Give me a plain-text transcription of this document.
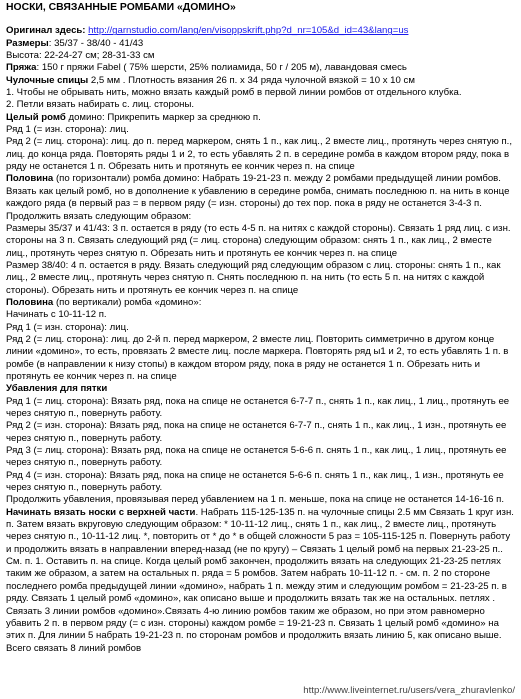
НОСКИ, СВЯЗАННЫЕ РОМБАМИ «ДОМИНО»
Оригинал здесь: http://garnstudio.com/lang/en/visoppskrift.php?d_nr=105&d_id=43&lang=us
Размеры: 35/37 - 38/40 - 41/43
Высота: 22-24-27 см; 28-31-33 см
Пряжа: 150 г пряжи Fabel ( 75% шерсти, 25% полиамида, 50 г / 205 м), лавандовая смесь
Чулочные спицы 2,5 мм . Плотность вязания 26 п. х 34 ряда чулочной вязкой = 10 х 10 см
1. Чтобы не обрывать нить, можно вязать каждый ромб в первой линии ромбов от отдельного клубка.
2. Петли вязать набирать с. лиц. стороны.
Целый ромб домино: Прикрепить маркер за среднюю п.
Ряд 1 (= изн. сторона): лиц.
Ряд 2 (= лиц. сторона): лиц. до п. перед маркером, снять 1 п., как лиц., 2 вместе лиц., протянуть через снятую п., лиц. до конца ряда. Повторять ряды 1 и 2, то есть убавлять 2 п. в середине ромба в каждом втором ряду, пока в ряду не останется 1 п. Обрезать нить и протянуть ее кончик через п. на спице
Половина (по горизонтали) ромба домино: Набрать 19-21-23 п. между 2 ромбами предыдущей линии ромбов. Вязать как целый ромб, но в дополнение к убавлению в середине ромба, снимать последнюю п. на нить в конце каждого ряда (в первый раз = в первом ряду (= изн. стороны) до тех пор. пока в ряду не останется 3-4-3 п. Продолжить вязать следующим образом:
Размеры 35/37 и 41/43: 3 п. остается в ряду (то есть 4-5 п. на нитях с каждой стороны). Связать 1 ряд лиц. с изн. стороны на 3 п. Связать следующий ряд (= лиц. сторона) следующим образом: снять 1 п., как лиц., 2 вместе лиц., протянуть через снятую п. Обрезать нить и протянуть ее кончик через п. на спице
Размер 38/40: 4 п. остается в ряду. Вязать следующий ряд следующим образом с лиц. стороны: снять 1 п., как лиц., 2 вместе лиц., протянуть через снятую п. Снять последнюю п. на нить (то есть 5 п. на нитях с каждой стороны). Обрезать нить и протянуть ее кончик через п. на спице
Половина (по вертикали) ромба «домино»:
Начинать с 10-11-12 п.
Ряд 1 (= изн. сторона): лиц.
Ряд 2 (= лиц. сторона): лиц. до 2-й п. перед маркером, 2 вместе лиц. Повторить симметрично в другом конце линии «домино», то есть, провязать 2 вместе лиц. после маркера. Повторять ряд ы1 и 2, то есть убавлять 1 п. в ромбе (в направлении к низу стопы) в каждом втором ряду, пока в ряду не останется 1 п. Обрезать нить и протянуть ее кончик через п. на спице
Убавления для пятки
Ряд 1 (= лиц. сторона): Вязать ряд, пока на спице не останется 6-7-7 п., снять 1 п., как лиц., 1 лиц., протянуть ее через снятую п., повернуть работу.
Ряд 2 (= изн. сторона): Вязать ряд, пока на спице не останется 6-7-7 п., снять 1 п., как лиц., 1 изн., протянуть ее через снятую п., повернуть работу.
Ряд 3 (= лиц. сторона): Вязать ряд, пока на спице не останется 5-6-6 п. снять 1 п., как лиц., 1 лиц., протянуть ее через снятую п., повернуть работу.
Ряд 4 (= изн. сторона): Вязать ряд, пока на спице не останется 5-6-6 п. снять 1 п., как лиц., 1 изн., протянуть ее через снятую п., повернуть работу.
Продолжить убавления, провязывая перед убавлением на 1 п. меньше, пока на спице не останется 14-16-16 п.
Начинать вязать носки с верхней части. Набрать 115-125-135 п. на чулочные спицы 2.5 мм Связать 1 круг изн. п. Затем вязать вкруговую следующим образом: * 10-11-12 лиц., снять 1 п., как лиц., 2 вместе лиц., протянуть через снятую п., 10-11-12 лиц. *, повторить от * до * в общей сложности 5 раз = 105-115-125 п. Повернуть работу и продолжить вязать в направлении вперед-назад (не по кругу) – Связать 1 целый ромб на первых 21-23-25 п.. См. п. 1. Оставить п. на спице. Когда целый ромб закончен, продолжить вязать на следующих 21-23-25 петлях таким же образом, а затем на остальных п. ряда = 5 ромбов. Затем набрать 10-11-12 п. - см. п. 2 по стороне последнего ромба предыдущей линии «домино», набрать 1 п. между этим и следующим ромбом = 21-23-25 п. в ряду. Связать 1 целый ромб «домино», как описано выше и продолжить вязать так же на остальных. петлях . Связать 3 линии ромбов «домино».Связать 4-ю линию ромбов таким же образом, но при этом равномерно убавить 2 п. в первом ряду (= с изн. стороны) каждом ромбе = 19-21-23 п. Связать 1 целый ромб «домино» на этих п. Для линии 5 набрать 19-21-23 п. по сторонам ромбов и продолжить вязать линию 5, как описано выше. Всего связать 8 линий ромбов
http://www.liveinternet.ru/users/vera_zhuravlenko/
